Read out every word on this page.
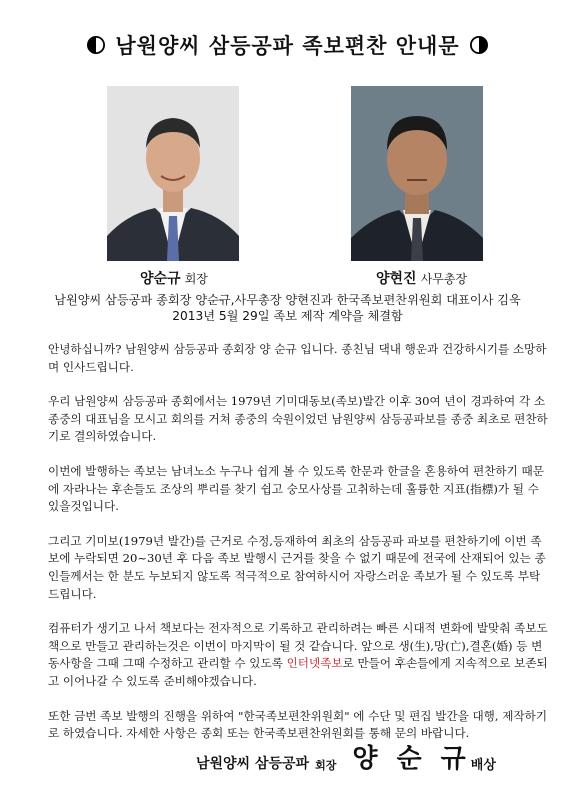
남원양씨 삼등공파 족보편찬 안내문
양순규 회장	양현진 사무총장
남원양씨 삼등공파 종회장 양순규,사무총장 양현진과 한국족보편찬위원회 대표이사 김욱
2013년 5월 29일 족보 제작 계약을 체결함

안녕하십니까? 남원양씨 삼등공파 종회장 양 순규 입니다. 종친님 댁내 행운과 건강하시기를 소망하며 인사드립니다.

우리 남원양씨 삼등공파 종회에서는 1979년 기미대동보(족보)발간 이후 30여 년이 경과하여 각 소종중의 대표님을 모시고 회의를 거쳐 종중의 숙원이었던 남원양씨 삼등공파보를 종중 최초로 편찬하기로 결의하였습니다.

이번에 발행하는 족보는 남녀노소 누구나 쉽게 볼 수 있도록 한문과 한글을 혼용하여 편찬하기 때문에 자라나는 후손들도 조상의 뿌리를 찾기 쉽고 숭모사상를 고취하는데 훌륭한 지표(指標)가 될 수 있을것입니다.

그리고 기미보(1979년 발간)를 근거로 수정,등재하여 최초의 삼등공파 파보를 편찬하기에 이번 족보에 누락되면 20~30년 후 다음 족보 발행시 근거를 찾을 수 없기 때문에 전국에 산재되어 있는 종인들께서는 한 분도 누보되지 않도록 적극적으로 참여하시어 자랑스러운 족보가 될 수 있도록 부탁드립니다.

컴퓨터가 생기고 나서 책보다는 전자적으로 기록하고 관리하려는 빠른 시대적 변화에 발맞춰 족보도 책으로 만들고 관리하는것은 이번이 마지막이 될 것 같습니다. 앞으로 생(生),망(亡),결혼(婚) 등 변동사항을 그때 그때 수정하고 관리할 수 있도록 인터넷족보로 만들어 후손들에게 지속적으로 보존되고 이어나갈 수 있도록 준비해야겠습니다.

또한 금번 족보 발행의 진행을 위하여 "한국족보편찬위원회" 에 수단 및 편집 발간을 대행, 제작하기로 하였습니다. 자세한 사항은 종회 또는 한국족보편찬위원회를 통해 문의 바랍니다.

남원양씨 삼등공파 회장 양 순 규 배상
